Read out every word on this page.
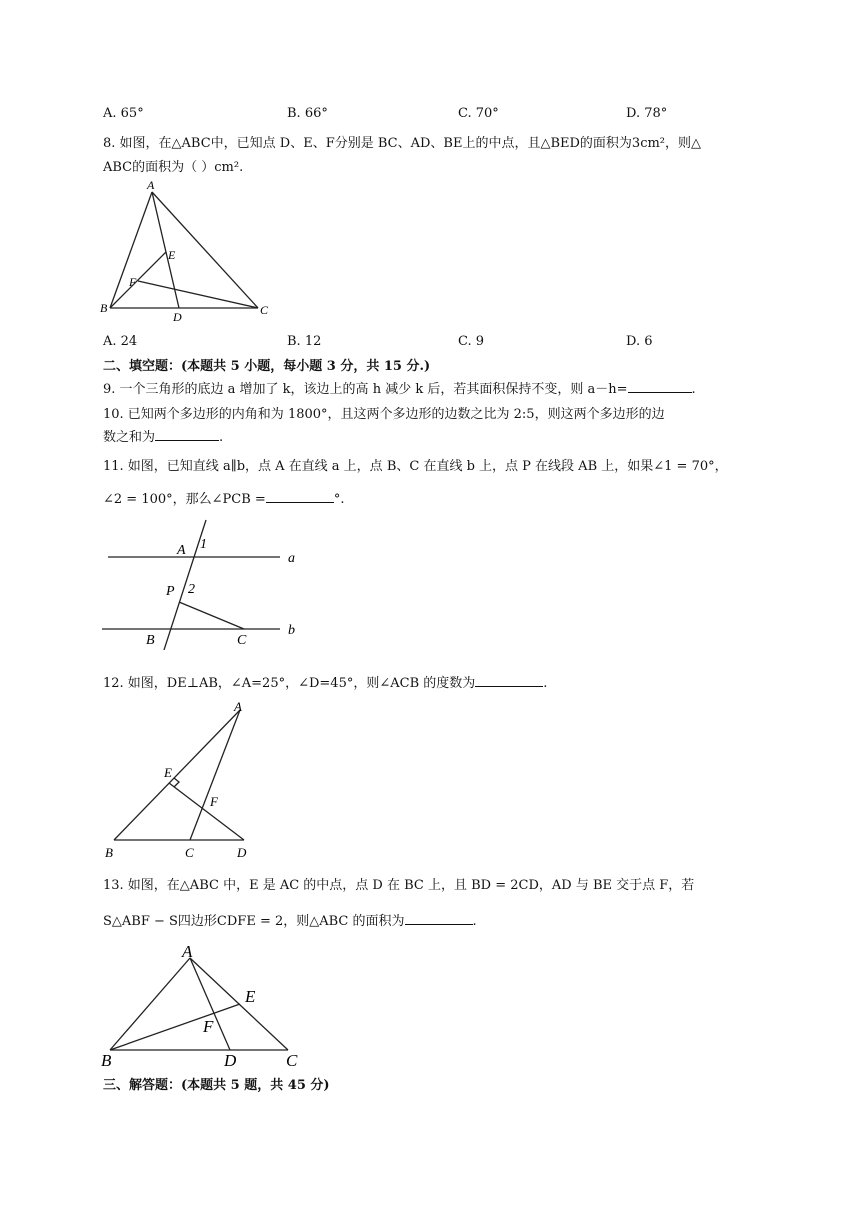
A. 65°	B. 66°	C. 70°	D. 78°
8. 如图，在△ABC中，已知点 D、E、F分别是 BC、AD、BE上的中点，且△BED的面积为3cm²，则△
ABC的面积为（ ）cm².
A
B	C
D
E
F
A. 24	B. 12	C. 9	D. 6
二、填空题：(本题共 5 小题，每小题 3 分，共 15 分.)
9. 一个三角形的底边 a 增加了 k，该边上的高 h 减少 k 后，若其面积保持不变，则 a－h=	.
10. 已知两个多边形的内角和为 1800°，且这两个多边形的边数之比为 2:5，则这两个多边形的边
数之和为	.
11. 如图，已知直线 a∥b，点 A 在直线 a 上，点 B、C 在直线 b 上，点 P 在线段 AB 上，如果∠1 = 70°，
∠2 = 100°，那么∠PCB =	°.
A 1
a
P 2
B	C
b
12. 如图，DE⊥AB，∠A=25°，∠D=45°，则∠ACB 的度数为	.
A
E
F
B	C	D
13. 如图，在△ABC 中，E 是 AC 的中点，点 D 在 BC 上，且 BD = 2CD，AD 与 BE 交于点 F，若
S△ABF − S四边形CDFE = 2，则△ABC 的面积为	.
A
E
F
B	D	C
三、解答题：(本题共 5 题，共 45 分)
